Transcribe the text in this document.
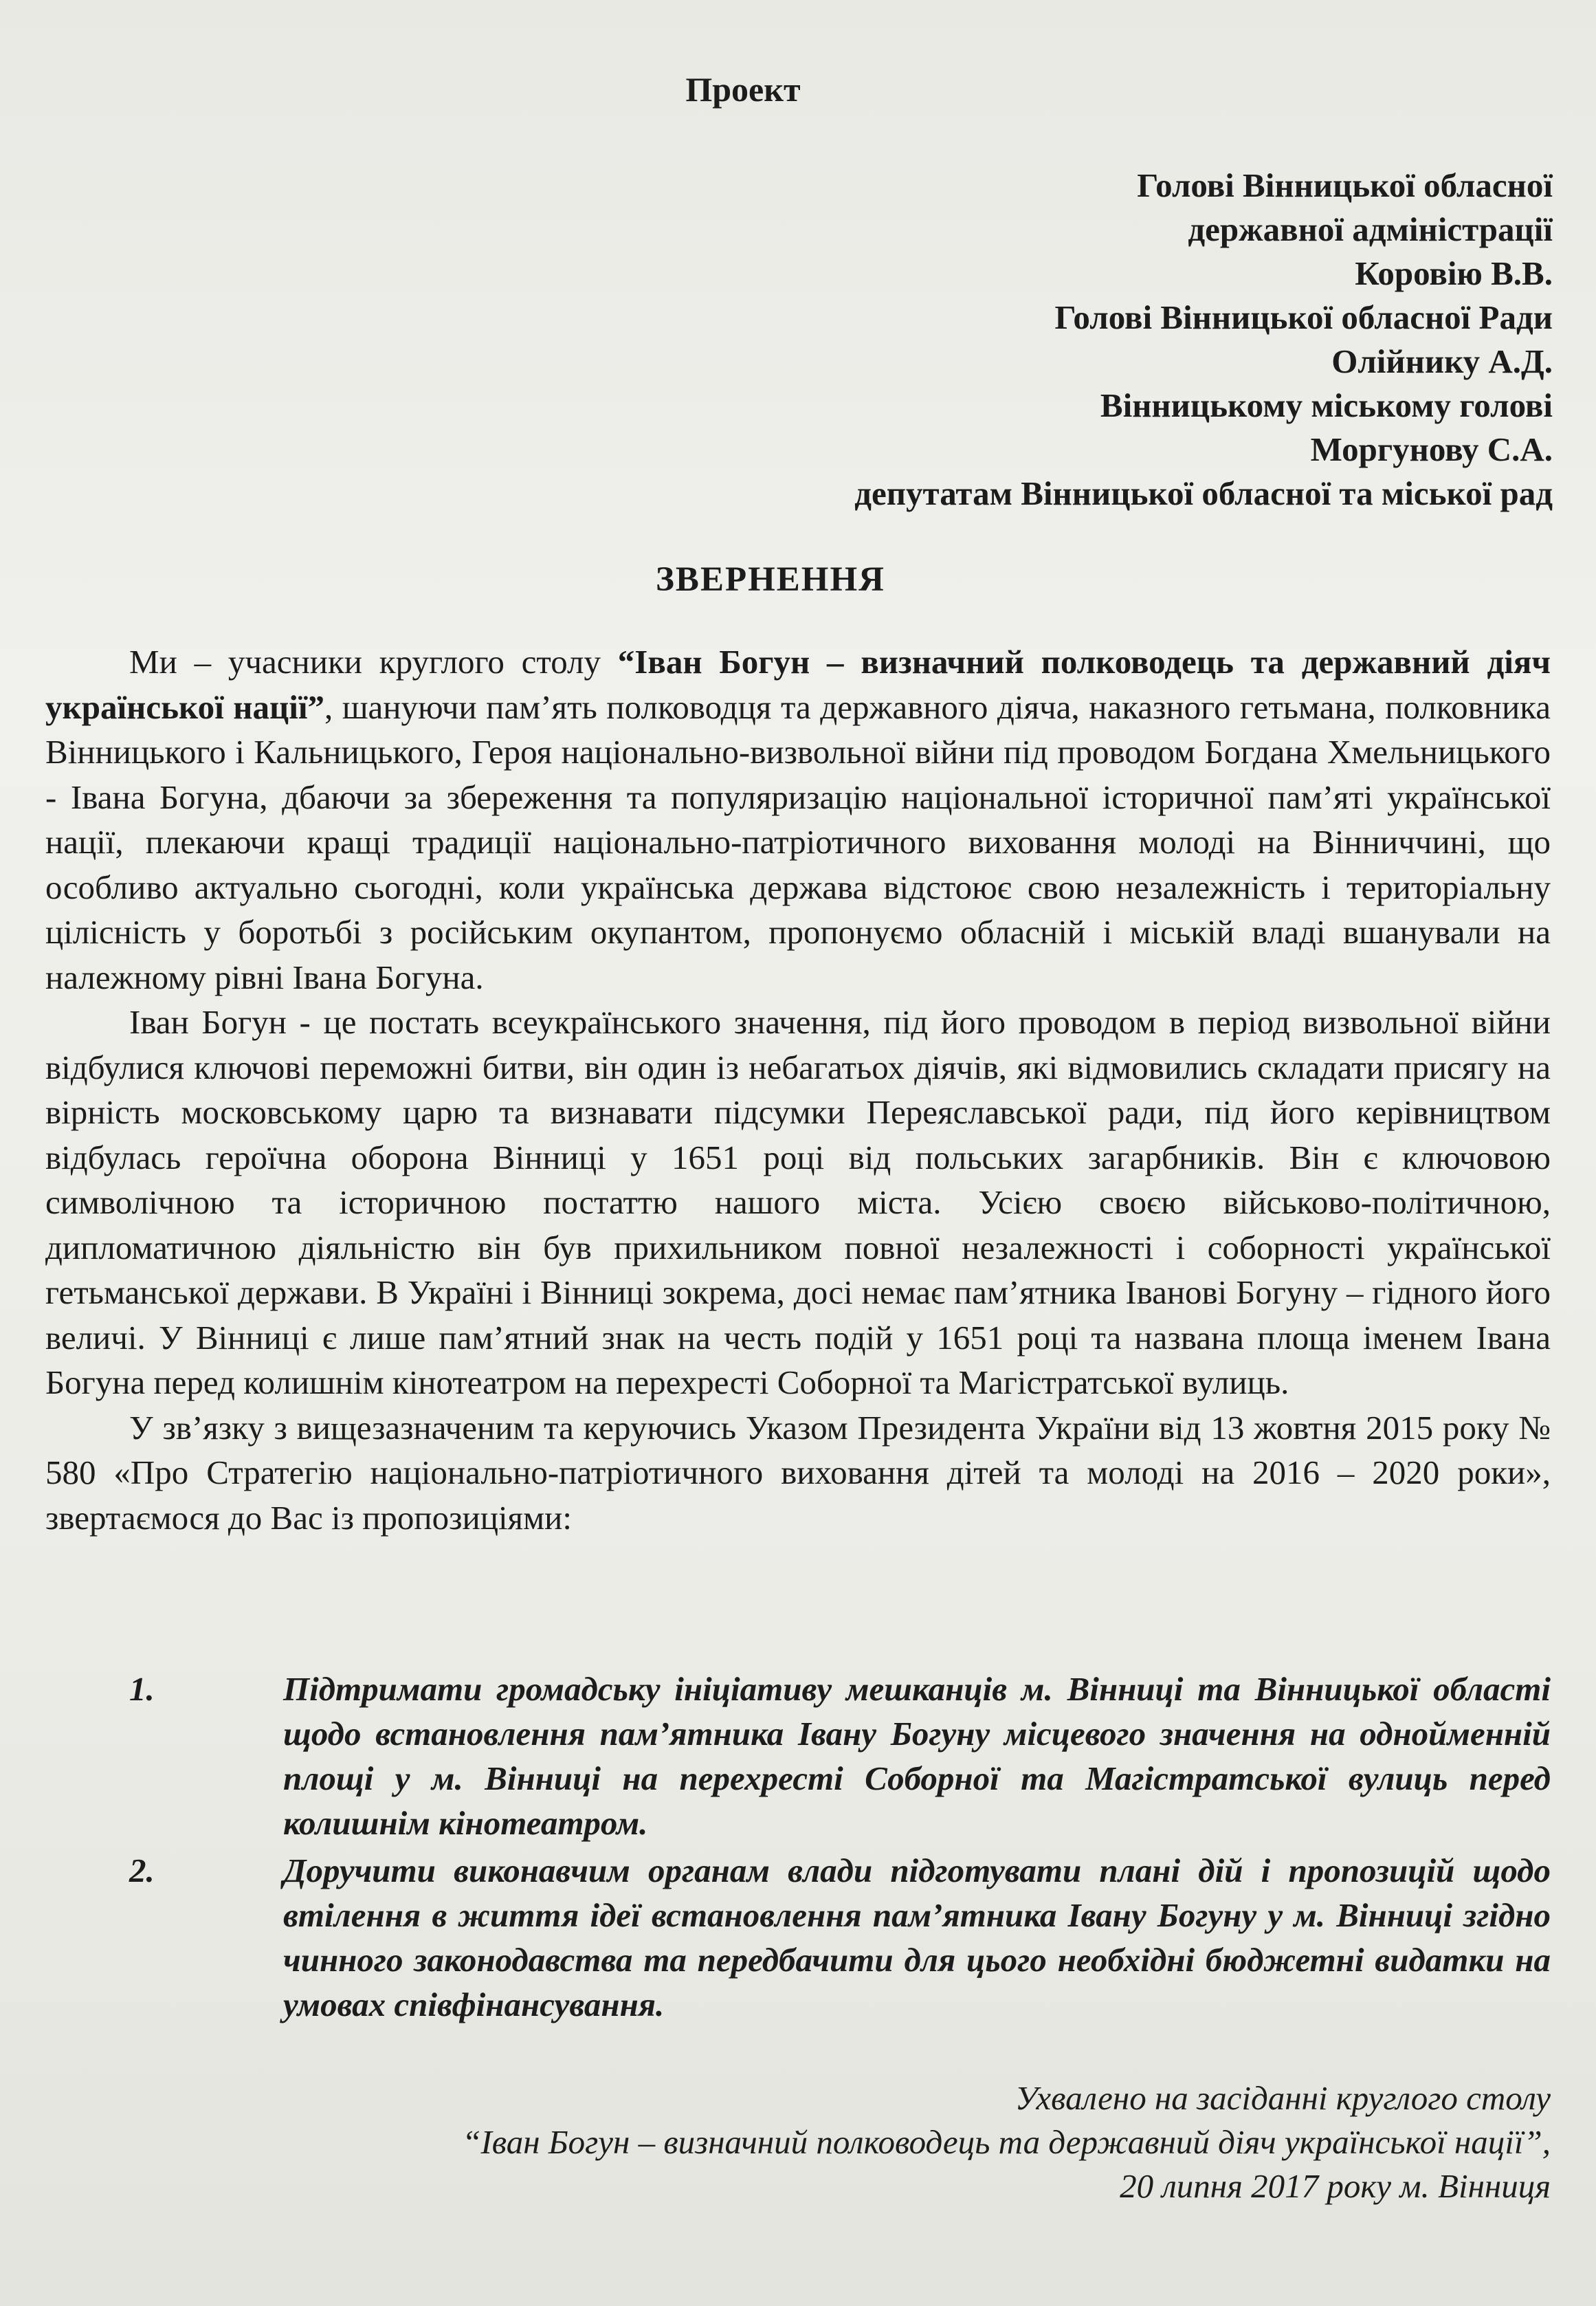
Проект
Голові Вінницької обласної
державної адміністрації
Коровію В.В.
Голові Вінницької обласної Ради
Олійнику А.Д.
Вінницькому міському голові
Моргунову С.А.
депутатам Вінницької обласної та міської рад
ЗВЕРНЕННЯ

Ми – учасники круглого столу “Іван Богун – визначний полководець та державний діяч української нації”, шануючи пам’ять полководця та державного діяча, наказного гетьмана, полковника Вінницького і Кальницького, Героя національно-визвольної війни під проводом Богдана Хмельницького - Івана Богуна, дбаючи за збереження та популяризацію національної історичної пам’яті української нації, плекаючи кращі традиції національно-патріотичного виховання молоді на Вінниччині, що особливо актуально сьогодні, коли українська держава відстоює свою незалежність і територіальну цілісність у боротьбі з російським окупантом, пропонуємо обласній і міській владі вшанували на належному рівні Івана Богуна.

Іван Богун - це постать всеукраїнського значення, під його проводом в період визвольної війни відбулися ключові переможні битви, він один із небагатьох діячів, які відмовились складати присягу на вірність московському царю та визнавати підсумки Переяславської ради, під його керівництвом відбулась героїчна оборона Вінниці у 1651 році від польських загарбників. Він є ключовою символічною та історичною постаттю нашого міста. Усією своєю військово-політичною, дипломатичною діяльністю він був прихильником повної незалежності і соборності української гетьманської держави. В Україні і Вінниці зокрема, досі немає пам’ятника Іванові Богуну – гідного його величі. У Вінниці є лише пам’ятний знак на честь подій у 1651 році та названа площа іменем Івана Богуна перед колишнім кінотеатром на перехресті Соборної та Магістратської вулиць.

У зв’язку з вищезазначеним та керуючись Указом Президента України від 13 жовтня 2015 року № 580 «Про Стратегію національно-патріотичного виховання дітей та молоді на 2016 – 2020 роки», звертаємося до Вас із пропозиціями:

1.	Підтримати громадську ініціативу мешканців м. Вінниці та Вінницької області щодо встановлення пам’ятника Івану Богуну місцевого значення на однойменній площі у м. Вінниці на перехресті Соборної та Магістратської вулиць перед колишнім кінотеатром.
2.	Доручити виконавчим органам влади підготувати плані дій і пропозицій щодо втілення в життя ідеї встановлення пам’ятника Івану Богуну у м. Вінниці згідно чинного законодавства та передбачити для цього необхідні бюджетні видатки на умовах співфінансування.
Ухвалено на засіданні круглого столу
“Іван Богун – визначний полководець та державний діяч української нації”,
20 липня 2017 року м. Вінниця
